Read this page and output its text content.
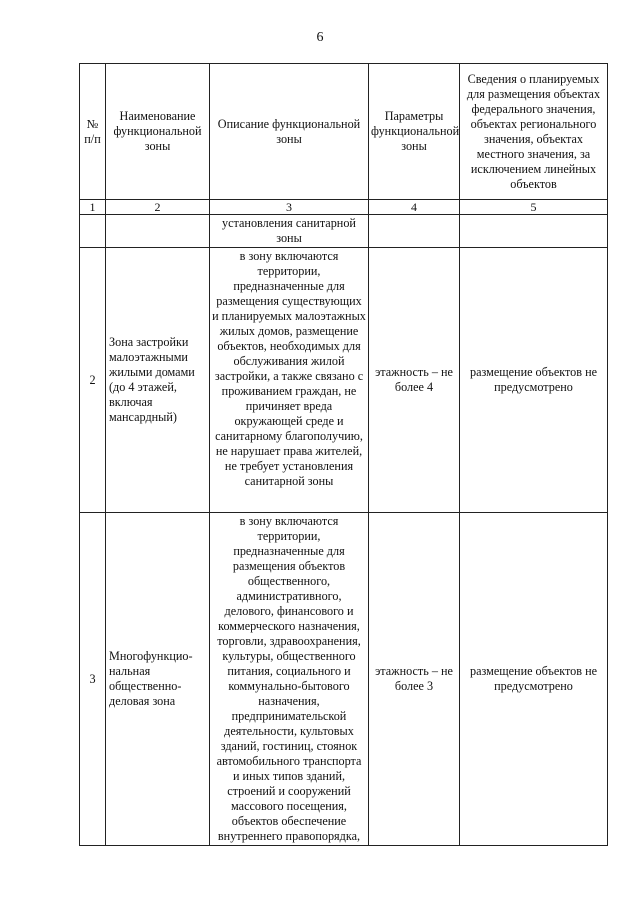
6
№ п/п	Наименование функциональной зоны	Описание функциональной зоны	Параметры функциональной зоны	Сведения о планируемых для размещения объектах федерального значения, объектах регионального значения, объектах местного значения, за исключением линейных объектов
1	2	3	4	5
		установления санитарной зоны		
2	Зона застройки малоэтажными жилыми домами (до 4 этажей, включая мансардный)	в зону включаются территории, предназначенные для размещения существующих и планируемых малоэтажных жилых домов, размещение объектов, необходимых для обслуживания жилой застройки, а также связано с проживанием граждан, не причиняет вреда окружающей среде и санитарному благополучию, не нарушает права жителей, не требует установления санитарной зоны	этажность – не более 4	размещение объектов не предусмотрено
3	Многофункцио-нальная общественно-деловая зона	в зону включаются территории, предназначенные для размещения объектов общественного, административного, делового, финансового и коммерческого назначения, торговли, здравоохранения, культуры, общественного питания, социального и коммунально-бытового назначения, предпринимательской деятельности, культовых зданий, гостиниц, стоянок автомобильного транспорта и иных типов зданий, строений и сооружений массового посещения, объектов обеспечение внутреннего правопорядка,	этажность – не более 3	размещение объектов не предусмотрено
